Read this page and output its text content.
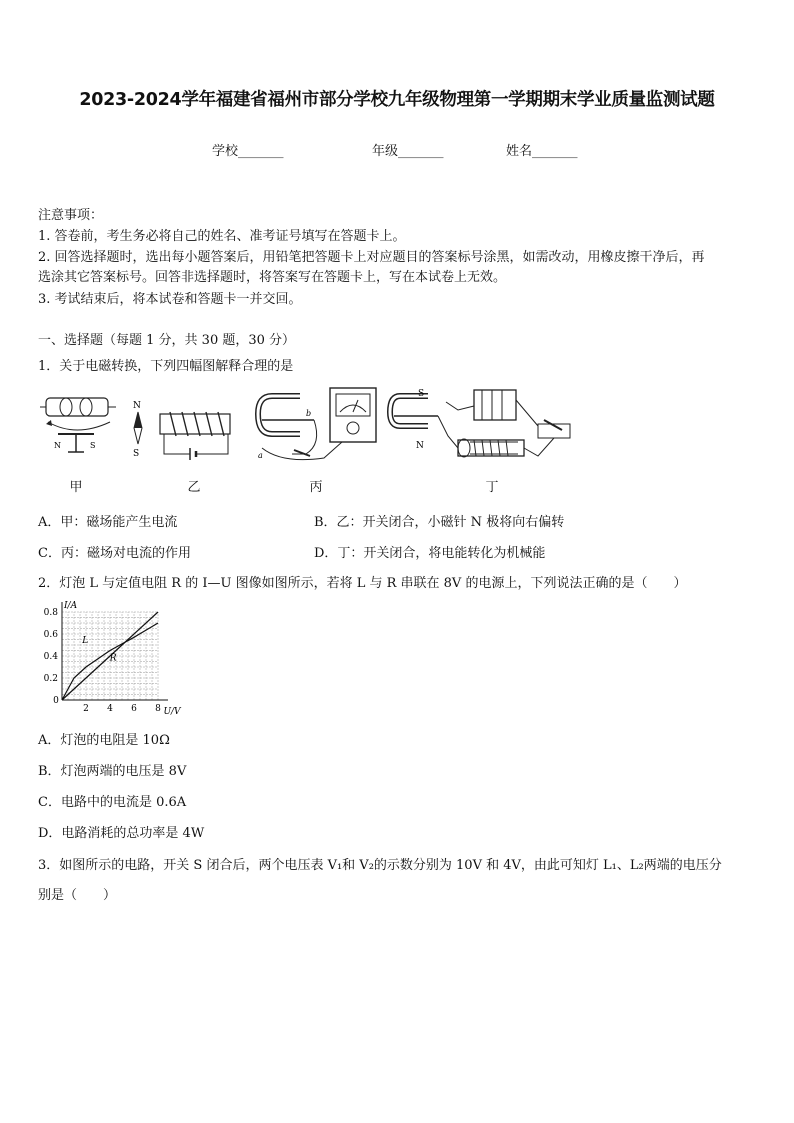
2023-2024学年福建省福州市部分学校九年级物理第一学期期末学业质量监测试题
学校_______	年级_______	姓名_______
注意事项：
1. 答卷前，考生务必将自己的姓名、准考证号填写在答题卡上。
2. 回答选择题时，选出每小题答案后，用铅笔把答题卡上对应题目的答案标号涂黑，如需改动，用橡皮擦干净后，再
选涂其它答案标号。回答非选择题时，将答案写在答题卡上，写在本试卷上无效。
3. 考试结束后，将本试卷和答题卡一并交回。
一、选择题（每题 1 分，共 30 题，30 分）
1．关于电磁转换，下列四幅图解释合理的是
N	S
N
S
b
a
S
N
甲	乙	丙	丁
A．甲：磁场能产生电流	B．乙：开关闭合，小磁针 N 极将向右偏转
C．丙：磁场对电流的作用	D．丁：开关闭合，将电能转化为机械能
2．灯泡 L 与定值电阻 R 的 I—U 图像如图所示，若将 L 与 R 串联在 8V 的电源上，下列说法正确的是（　　）
0
2 4 6 8
0.2
0.4
0.6
0.8
I/A
U/V
L
R
A．灯泡的电阻是 10Ω
B．灯泡两端的电压是 8V
C．电路中的电流是 0.6A
D．电路消耗的总功率是 4W
3．如图所示的电路，开关 S 闭合后，两个电压表 V₁和 V₂的示数分别为 10V 和 4V，由此可知灯 L₁、L₂两端的电压分
别是（　　）
